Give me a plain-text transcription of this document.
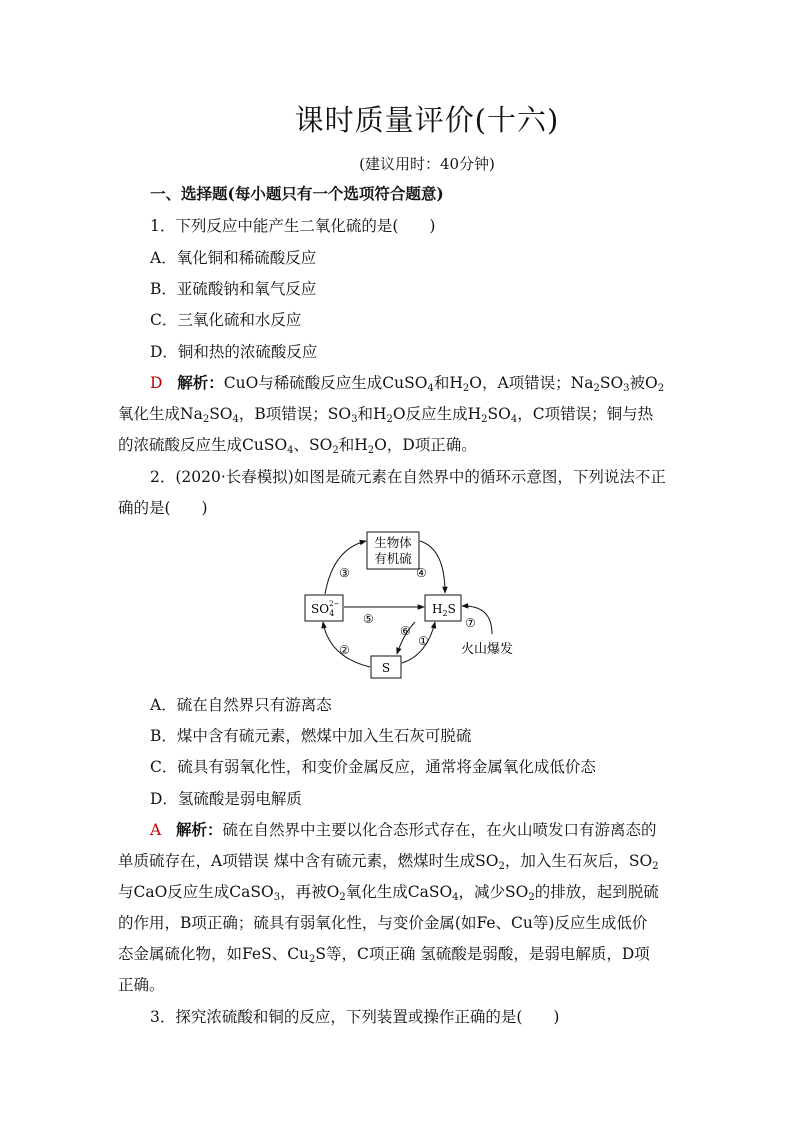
课时质量评价(十六)
(建议用时：40分钟)
一、选择题(每小题只有一个选项符合题意)
1．下列反应中能产生二氧化硫的是(　　)
A．氧化铜和稀硫酸反应
B．亚硫酸钠和氧气反应
C．三氧化硫和水反应
D．铜和热的浓硫酸反应
D 解析：CuO与稀硫酸反应生成CuSO$_4$和$H_2O$，A项错误；$Na_2SO_3$被$O_2$
氧化生成$Na_2SO_4$，B项错误；$SO_3$和$H_2O$反应生成$H_2SO_4$，C项错误；铜与热
的浓硫酸反应生成CuSO$_4$、$SO_2$和$H_2O$，D项正确。
2．(2020·长春模拟)如图是硫元素在自然界中的循环示意图，下列说法不正
确的是(　　)
生物体
有机硫
$SO_42-$	$H_2S$
S
③	④
⑤
⑥
①
②
⑦
火山爆发
A．硫在自然界只有游离态
B．煤中含有硫元素，燃煤中加入生石灰可脱硫
C．硫具有弱氧化性，和变价金属反应，通常将金属氧化成低价态
D．氢硫酸是弱电解质
A 解析：硫在自然界中主要以化合态形式存在，在火山喷发口有游离态的
单质硫存在，A项错误 煤中含有硫元素，燃煤时生成$SO_2$，加入生石灰后，$SO_2$
与CaO反应生成CaSO$_3$，再被$O_2$氧化生成CaSO$_4$，减少$SO_2$的排放，起到脱硫
的作用，B项正确；硫具有弱氧化性，与变价金属(如Fe、Cu等)反应生成低价
态金属硫化物，如FeS、$Cu_2S$等，C项正确 氢硫酸是弱酸，是弱电解质，D项
正确。
3．探究浓硫酸和铜的反应，下列装置或操作正确的是(　　)
